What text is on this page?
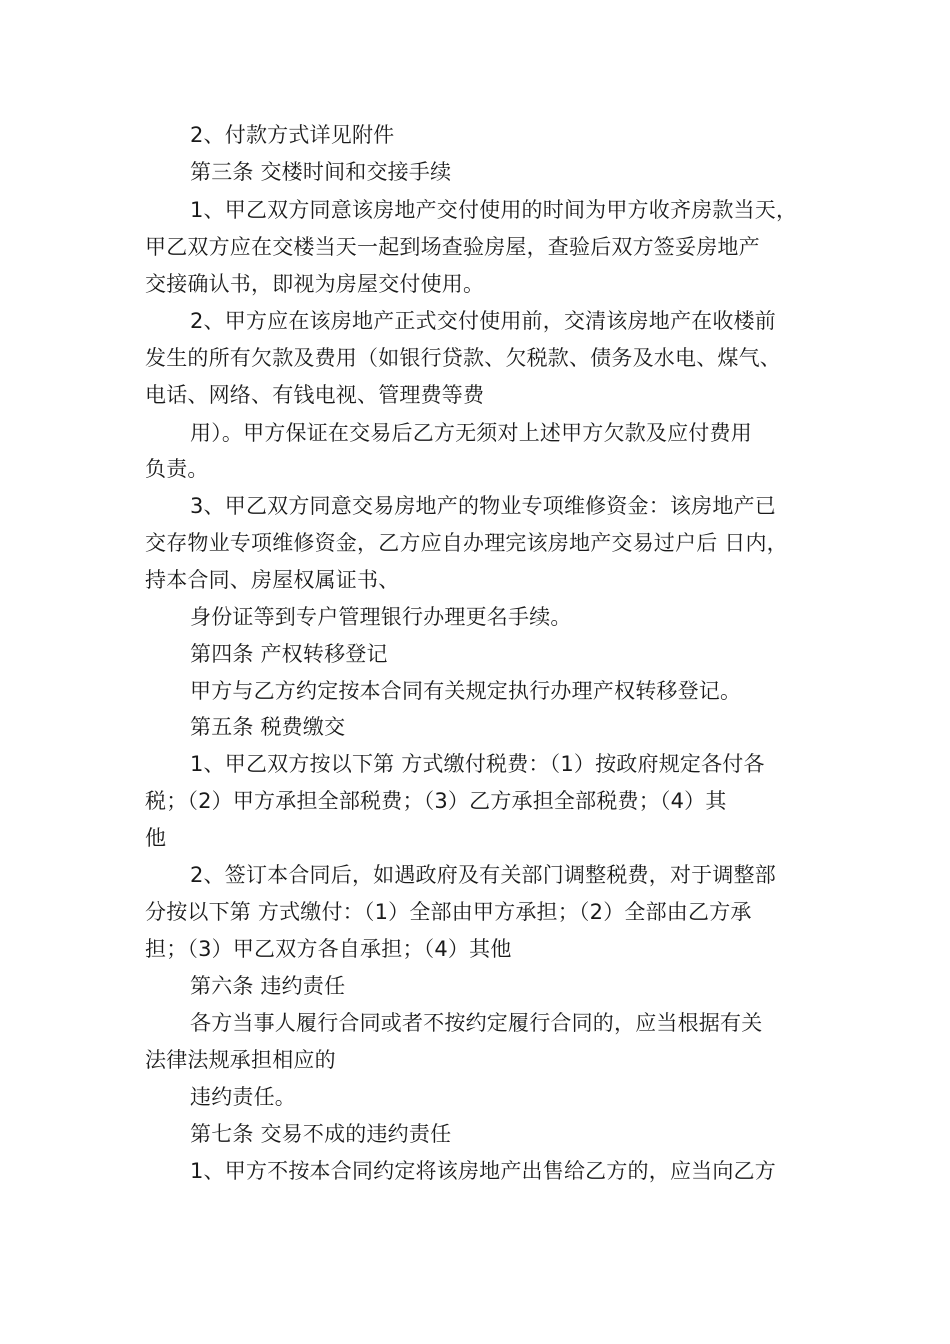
2、付款方式详见附件
第三条 交楼时间和交接手续
1、甲乙双方同意该房地产交付使用的时间为甲方收齐房款当天，
甲乙双方应在交楼当天一起到场查验房屋，查验后双方签妥房地产
交接确认书，即视为房屋交付使用。
2、甲方应在该房地产正式交付使用前，交清该房地产在收楼前
发生的所有欠款及费用（如银行贷款、欠税款、债务及水电、煤气、
电话、网络、有钱电视、管理费等费
用）。甲方保证在交易后乙方无须对上述甲方欠款及应付费用
负责。
3、甲乙双方同意交易房地产的物业专项维修资金：该房地产已
交存物业专项维修资金，乙方应自办理完该房地产交易过户后 日内，
持本合同、房屋权属证书、
身份证等到专户管理银行办理更名手续。
第四条 产权转移登记
甲方与乙方约定按本合同有关规定执行办理产权转移登记。
第五条 税费缴交
1、甲乙双方按以下第 方式缴付税费：（1）按政府规定各付各
税；（2）甲方承担全部税费；（3）乙方承担全部税费；（4）其
他
2、签订本合同后，如遇政府及有关部门调整税费，对于调整部
分按以下第 方式缴付：（1）全部由甲方承担；（2）全部由乙方承
担；（3）甲乙双方各自承担；（4）其他
第六条 违约责任
各方当事人履行合同或者不按约定履行合同的，应当根据有关
法律法规承担相应的
违约责任。
第七条 交易不成的违约责任
1、甲方不按本合同约定将该房地产出售给乙方的，应当向乙方
